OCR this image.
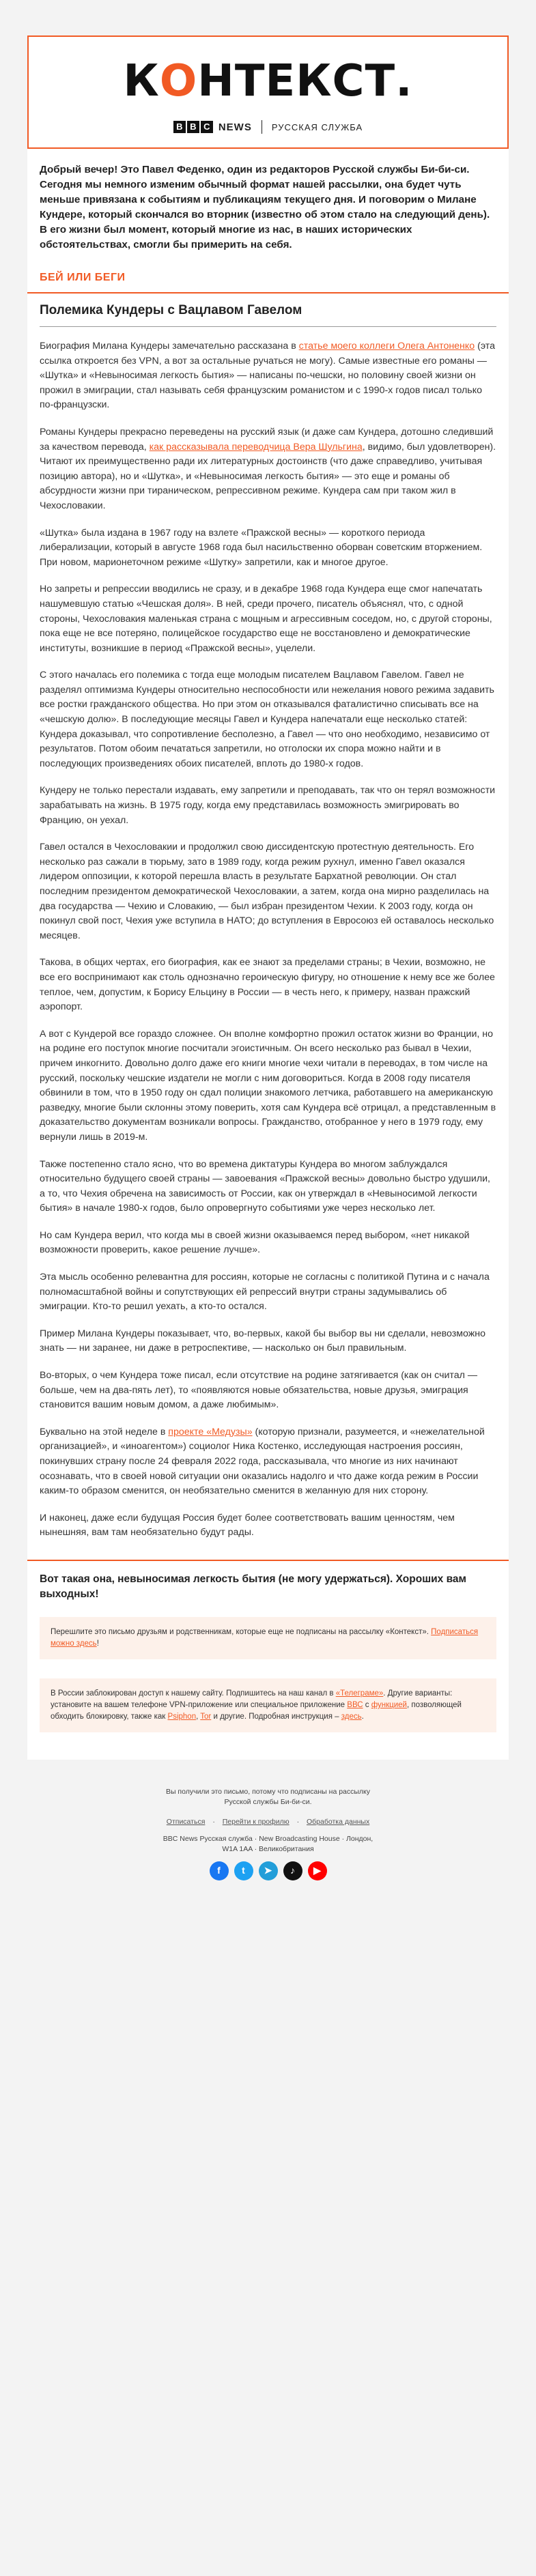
КОНТЕКСТ.
B B C NEWS РУССКАЯ СЛУЖБА

Добрый вечер! Это Павел Феденко, один из редакторов Русской службы Би-би-си. Сегодня мы немного изменим обычный формат нашей рассылки, она будет чуть меньше привязана к событиям и публикациям текущего дня. И поговорим о Милане Кундере, который скончался во вторник (известно об этом стало на следующий день). В его жизни был момент, который многие из нас, в наших исторических обстоятельствах, смогли бы примерить на себя.

БЕЙ ИЛИ БЕГИ
Полемика Кундеры с Вацлавом Гавелом

Биография Милана Кундеры замечательно рассказана в статье моего коллеги Олега Антоненко (эта ссылка откроется без VPN, а вот за остальные ручаться не могу). Самые известные его романы — «Шутка» и «Невыносимая легкость бытия» — написаны по-чешски, но половину своей жизни он прожил в эмиграции, стал называть себя французским романистом и с 1990-х годов писал только по-французски.

Романы Кундеры прекрасно переведены на русский язык (и даже сам Кундера, дотошно следивший за качеством перевода, как рассказывала переводчица Вера Шульгина, видимо, был удовлетворен). Читают их преимущественно ради их литературных достоинств (что даже справедливо, учитывая позицию автора), но и «Шутка», и «Невыносимая легкость бытия» — это еще и романы об абсурдности жизни при тираническом, репрессивном режиме. Кундера сам при таком жил в Чехословакии.

«Шутка» была издана в 1967 году на взлете «Пражской весны» — короткого периода либерализации, который в августе 1968 года был насильственно оборван советским вторжением. При новом, марионеточном режиме «Шутку» запретили, как и многое другое.

Но запреты и репрессии вводились не сразу, и в декабре 1968 года Кундера еще смог напечатать нашумевшую статью «Чешская доля». В ней, среди прочего, писатель объяснял, что, с одной стороны, Чехословакия маленькая страна с мощным и агрессивным соседом, но, с другой стороны, пока еще не все потеряно, полицейское государство еще не восстановлено и демократические институты, возникшие в период «Пражской весны», уцелели.

С этого началась его полемика с тогда еще молодым писателем Вацлавом Гавелом. Гавел не разделял оптимизма Кундеры относительно неспособности или нежелания нового режима задавить все ростки гражданского общества. Но при этом он отказывался фаталистично списывать все на «чешскую долю». В последующие месяцы Гавел и Кундера напечатали еще несколько статей: Кундера доказывал, что сопротивление бесполезно, а Гавел — что оно необходимо, независимо от результатов. Потом обоим печататься запретили, но отголоски их спора можно найти и в последующих произведениях обоих писателей, вплоть до 1980-х годов.

Кундеру не только перестали издавать, ему запретили и преподавать, так что он терял возможности зарабатывать на жизнь. В 1975 году, когда ему представилась возможность эмигрировать во Францию, он уехал.

Гавел остался в Чехословакии и продолжил свою диссидентскую протестную деятельность. Его несколько раз сажали в тюрьму, зато в 1989 году, когда режим рухнул, именно Гавел оказался лидером оппозиции, к которой перешла власть в результате Бархатной революции. Он стал последним президентом демократической Чехословакии, а затем, когда она мирно разделилась на два государства — Чехию и Словакию, — был избран президентом Чехии. К 2003 году, когда он покинул свой пост, Чехия уже вступила в НАТО; до вступления в Евросоюз ей оставалось несколько месяцев.

Такова, в общих чертах, его биография, как ее знают за пределами страны; в Чехии, возможно, не все его воспринимают как столь однозначно героическую фигуру, но отношение к нему все же более теплое, чем, допустим, к Борису Ельцину в России — в честь него, к примеру, назван пражский аэропорт.

А вот с Кундерой все гораздо сложнее. Он вполне комфортно прожил остаток жизни во Франции, но на родине его поступок многие посчитали эгоистичным. Он всего несколько раз бывал в Чехии, причем инкогнито. Довольно долго даже его книги многие чехи читали в переводах, в том числе на русский, поскольку чешские издатели не могли с ним договориться. Когда в 2008 году писателя обвинили в том, что в 1950 году он сдал полиции знакомого летчика, работавшего на американскую разведку, многие были склонны этому поверить, хотя сам Кундера всё отрицал, а представленным в доказательство документам возникали вопросы. Гражданство, отобранное у него в 1979 году, ему вернули лишь в 2019-м.

Также постепенно стало ясно, что во времена диктатуры Кундера во многом заблуждался относительно будущего своей страны — завоевания «Пражской весны» довольно быстро удушили, а то, что Чехия обречена на зависимость от России, как он утверждал в «Невыносимой легкости бытия» в начале 1980-х годов, было опровергнуто событиями уже через несколько лет.

Но сам Кундера верил, что когда мы в своей жизни оказываемся перед выбором, «нет никакой возможности проверить, какое решение лучше».

Эта мысль особенно релевантна для россиян, которые не согласны с политикой Путина и с начала полномасштабной войны и сопутствующих ей репрессий внутри страны задумывались об эмиграции. Кто-то решил уехать, а кто-то остался.

Пример Милана Кундеры показывает, что, во-первых, какой бы выбор вы ни сделали, невозможно знать — ни заранее, ни даже в ретроспективе, — насколько он был правильным.

Во-вторых, о чем Кундера тоже писал, если отсутствие на родине затягивается (как он считал — больше, чем на два-пять лет), то «появляются новые обязательства, новые друзья, эмиграция становится вашим новым домом, а даже любимым».

Буквально на этой неделе в проекте «Медузы» (которую признали, разумеется, и «нежелательной организацией», и «иноагентом») социолог Ника Костенко, исследующая настроения россиян, покинувших страну после 24 февраля 2022 года, рассказывала, что многие из них начинают осознавать, что в своей новой ситуации они оказались надолго и что даже когда режим в России каким-то образом сменится, он необязательно сменится в желанную для них сторону.

И наконец, даже если будущая Россия будет более соответствовать вашим ценностям, чем нынешняя, вам там необязательно будут рады.

Вот такая она, невыносимая легкость бытия (не могу удержаться). Хороших вам выходных!
Перешлите это письмо друзьям и родственникам, которые еще не подписаны на рассылку «Контекст». Подписаться можно здесь!
В России заблокирован доступ к нашему сайту. Подпишитесь на наш канал в «Телеграме». Другие варианты: установите на вашем телефоне VPN-приложение или специальное приложение ВВС с функцией, позволяющей обходить блокировку, также как Psiphon, Tor и другие. Подробная инструкция – здесь.
Вы получили это письмо, потому что подписаны на рассылку Русской службы Би-би-си.
Отписаться · Перейти к профилю · Обработка данных
BBC News Русская служба · New Broadcasting House · Лондон, W1A 1AA · Великобритания
f	t	➤	♪	▶
